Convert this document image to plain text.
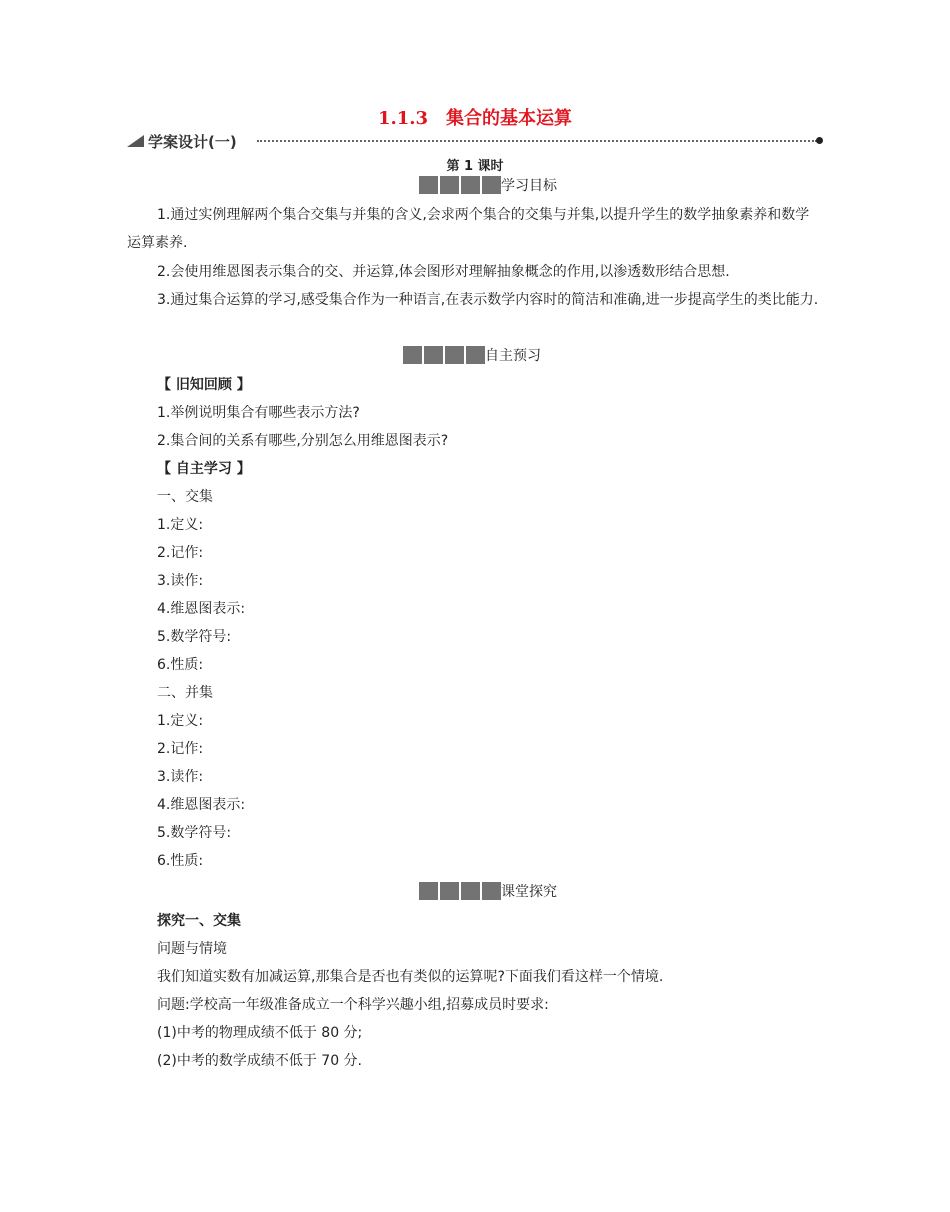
1.1.3　集合的基本运算
学案设计(一)
第 1 课时
学习目标
1.通过实例理解两个集合交集与并集的含义,会求两个集合的交集与并集,以提升学生的数学抽象素养和数学运算素养.
2.会使用维恩图表示集合的交、并运算,体会图形对理解抽象概念的作用,以渗透数形结合思想.
3.通过集合运算的学习,感受集合作为一种语言,在表示数学内容时的简洁和准确,进一步提高学生的类比能力.
自主预习
【 旧知回顾 】
1.举例说明集合有哪些表示方法?
2.集合间的关系有哪些,分别怎么用维恩图表示?
【 自主学习 】
一、交集
1.定义:
2.记作:
3.读作:
4.维恩图表示:
5.数学符号:
6.性质:
二、并集
1.定义:
2.记作:
3.读作:
4.维恩图表示:
5.数学符号:
6.性质:
课堂探究
探究一、交集
问题与情境
我们知道实数有加减运算,那集合是否也有类似的运算呢?下面我们看这样一个情境.
问题:学校高一年级准备成立一个科学兴趣小组,招募成员时要求:
(1)中考的物理成绩不低于 80 分;
(2)中考的数学成绩不低于 70 分.
